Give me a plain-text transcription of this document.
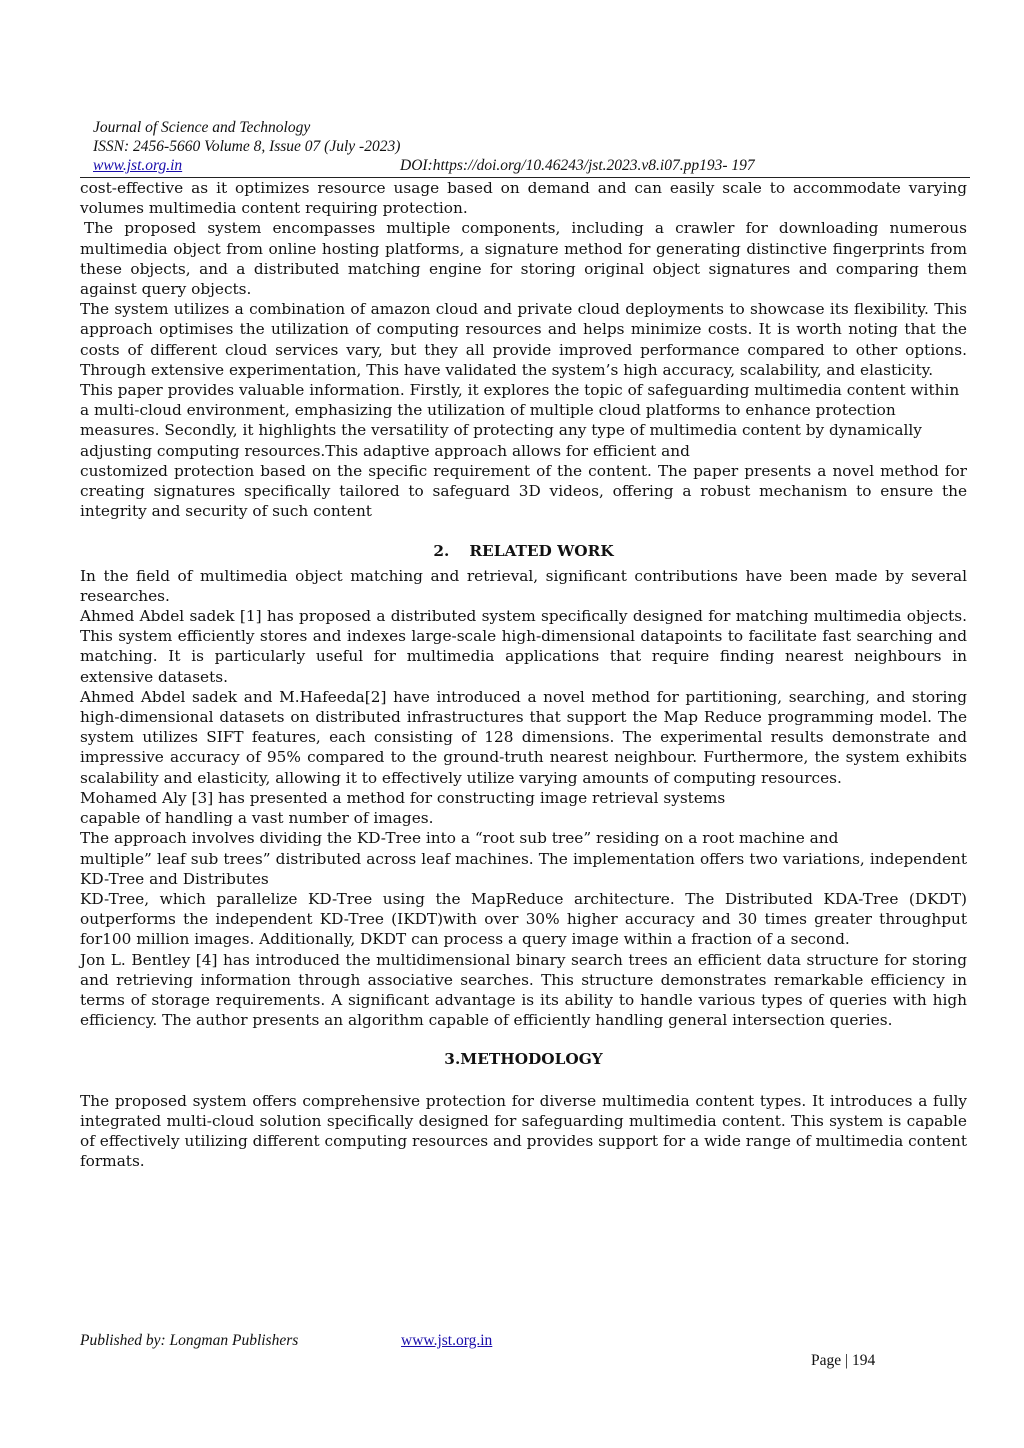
Journal of Science and Technology
ISSN: 2456-5660 Volume 8, Issue 07 (July -2023)
www.jst.org.in	DOI:https://doi.org/10.46243/jst.2023.v8.i07.pp193- 197

cost-effective as it optimizes resource usage based on demand and can easily scale to accommodate varying volumes multimedia content requiring protection.

The proposed system encompasses multiple components, including a crawler for downloading numerous multimedia object from online hosting platforms, a signature method for generating distinctive fingerprints from these objects, and a distributed matching engine for storing original object signatures and comparing them against query objects.

The system utilizes a combination of amazon cloud and private cloud deployments to showcase its flexibility. This approach optimises the utilization of computing resources and helps minimize costs. It is worth noting that the costs of different cloud services vary, but they all provide improved performance compared to other options. Through extensive experimentation, This have validated the system’s high accuracy, scalability, and elasticity.

This paper provides valuable information. Firstly, it explores the topic of safeguarding multimedia content within a multi-cloud environment, emphasizing the utilization of multiple cloud platforms to enhance protection measures. Secondly, it highlights the versatility of protecting any type of multimedia content by dynamically

adjusting computing resources.This adaptive approach allows for efficient and

customized protection based on the specific requirement of the content. The paper presents a novel method for creating signatures specifically tailored to safeguard 3D videos, offering a robust mechanism to ensure the integrity and security of such content

2. RELATED WORK

In the field of multimedia object matching and retrieval, significant contributions have been made by several researches.

Ahmed Abdel sadek [1] has proposed a distributed system specifically designed for matching multimedia objects. This system efficiently stores and indexes large-scale high-dimensional datapoints to facilitate fast searching and matching. It is particularly useful for multimedia applications that require finding nearest neighbours in extensive datasets.

Ahmed Abdel sadek and M.Hafeeda[2] have introduced a novel method for partitioning, searching, and storing high-dimensional datasets on distributed infrastructures that support the Map Reduce programming model. The system utilizes SIFT features, each consisting of 128 dimensions. The experimental results demonstrate and impressive accuracy of 95% compared to the ground-truth nearest neighbour. Furthermore, the system exhibits scalability and elasticity, allowing it to effectively utilize varying amounts of computing resources.

Mohamed Aly [3] has presented a method for constructing image retrieval systems

capable of handling a vast number of images.

The approach involves dividing the KD-Tree into a “root sub tree” residing on a root machine and

multiple” leaf sub trees” distributed across leaf machines. The implementation offers two variations, independent KD-Tree and Distributes

KD-Tree, which parallelize KD-Tree using the MapReduce architecture. The Distributed KDA-Tree (DKDT) outperforms the independent KD-Tree (IKDT)with over 30% higher accuracy and 30 times greater throughput for100 million images. Additionally, DKDT can process a query image within a fraction of a second.

Jon L. Bentley [4] has introduced the multidimensional binary search trees an efficient data structure for storing and retrieving information through associative searches. This structure demonstrates remarkable efficiency in terms of storage requirements. A significant advantage is its ability to handle various types of queries with high efficiency. The author presents an algorithm capable of efficiently handling general intersection queries.

3.METHODOLOGY

The proposed system offers comprehensive protection for diverse multimedia content types. It introduces a fully integrated multi-cloud solution specifically designed for safeguarding multimedia content. This system is capable of effectively utilizing different computing resources and provides support for a wide range of multimedia content formats.

Published by: Longman Publishers	www.jst.org.in
Page | 194
